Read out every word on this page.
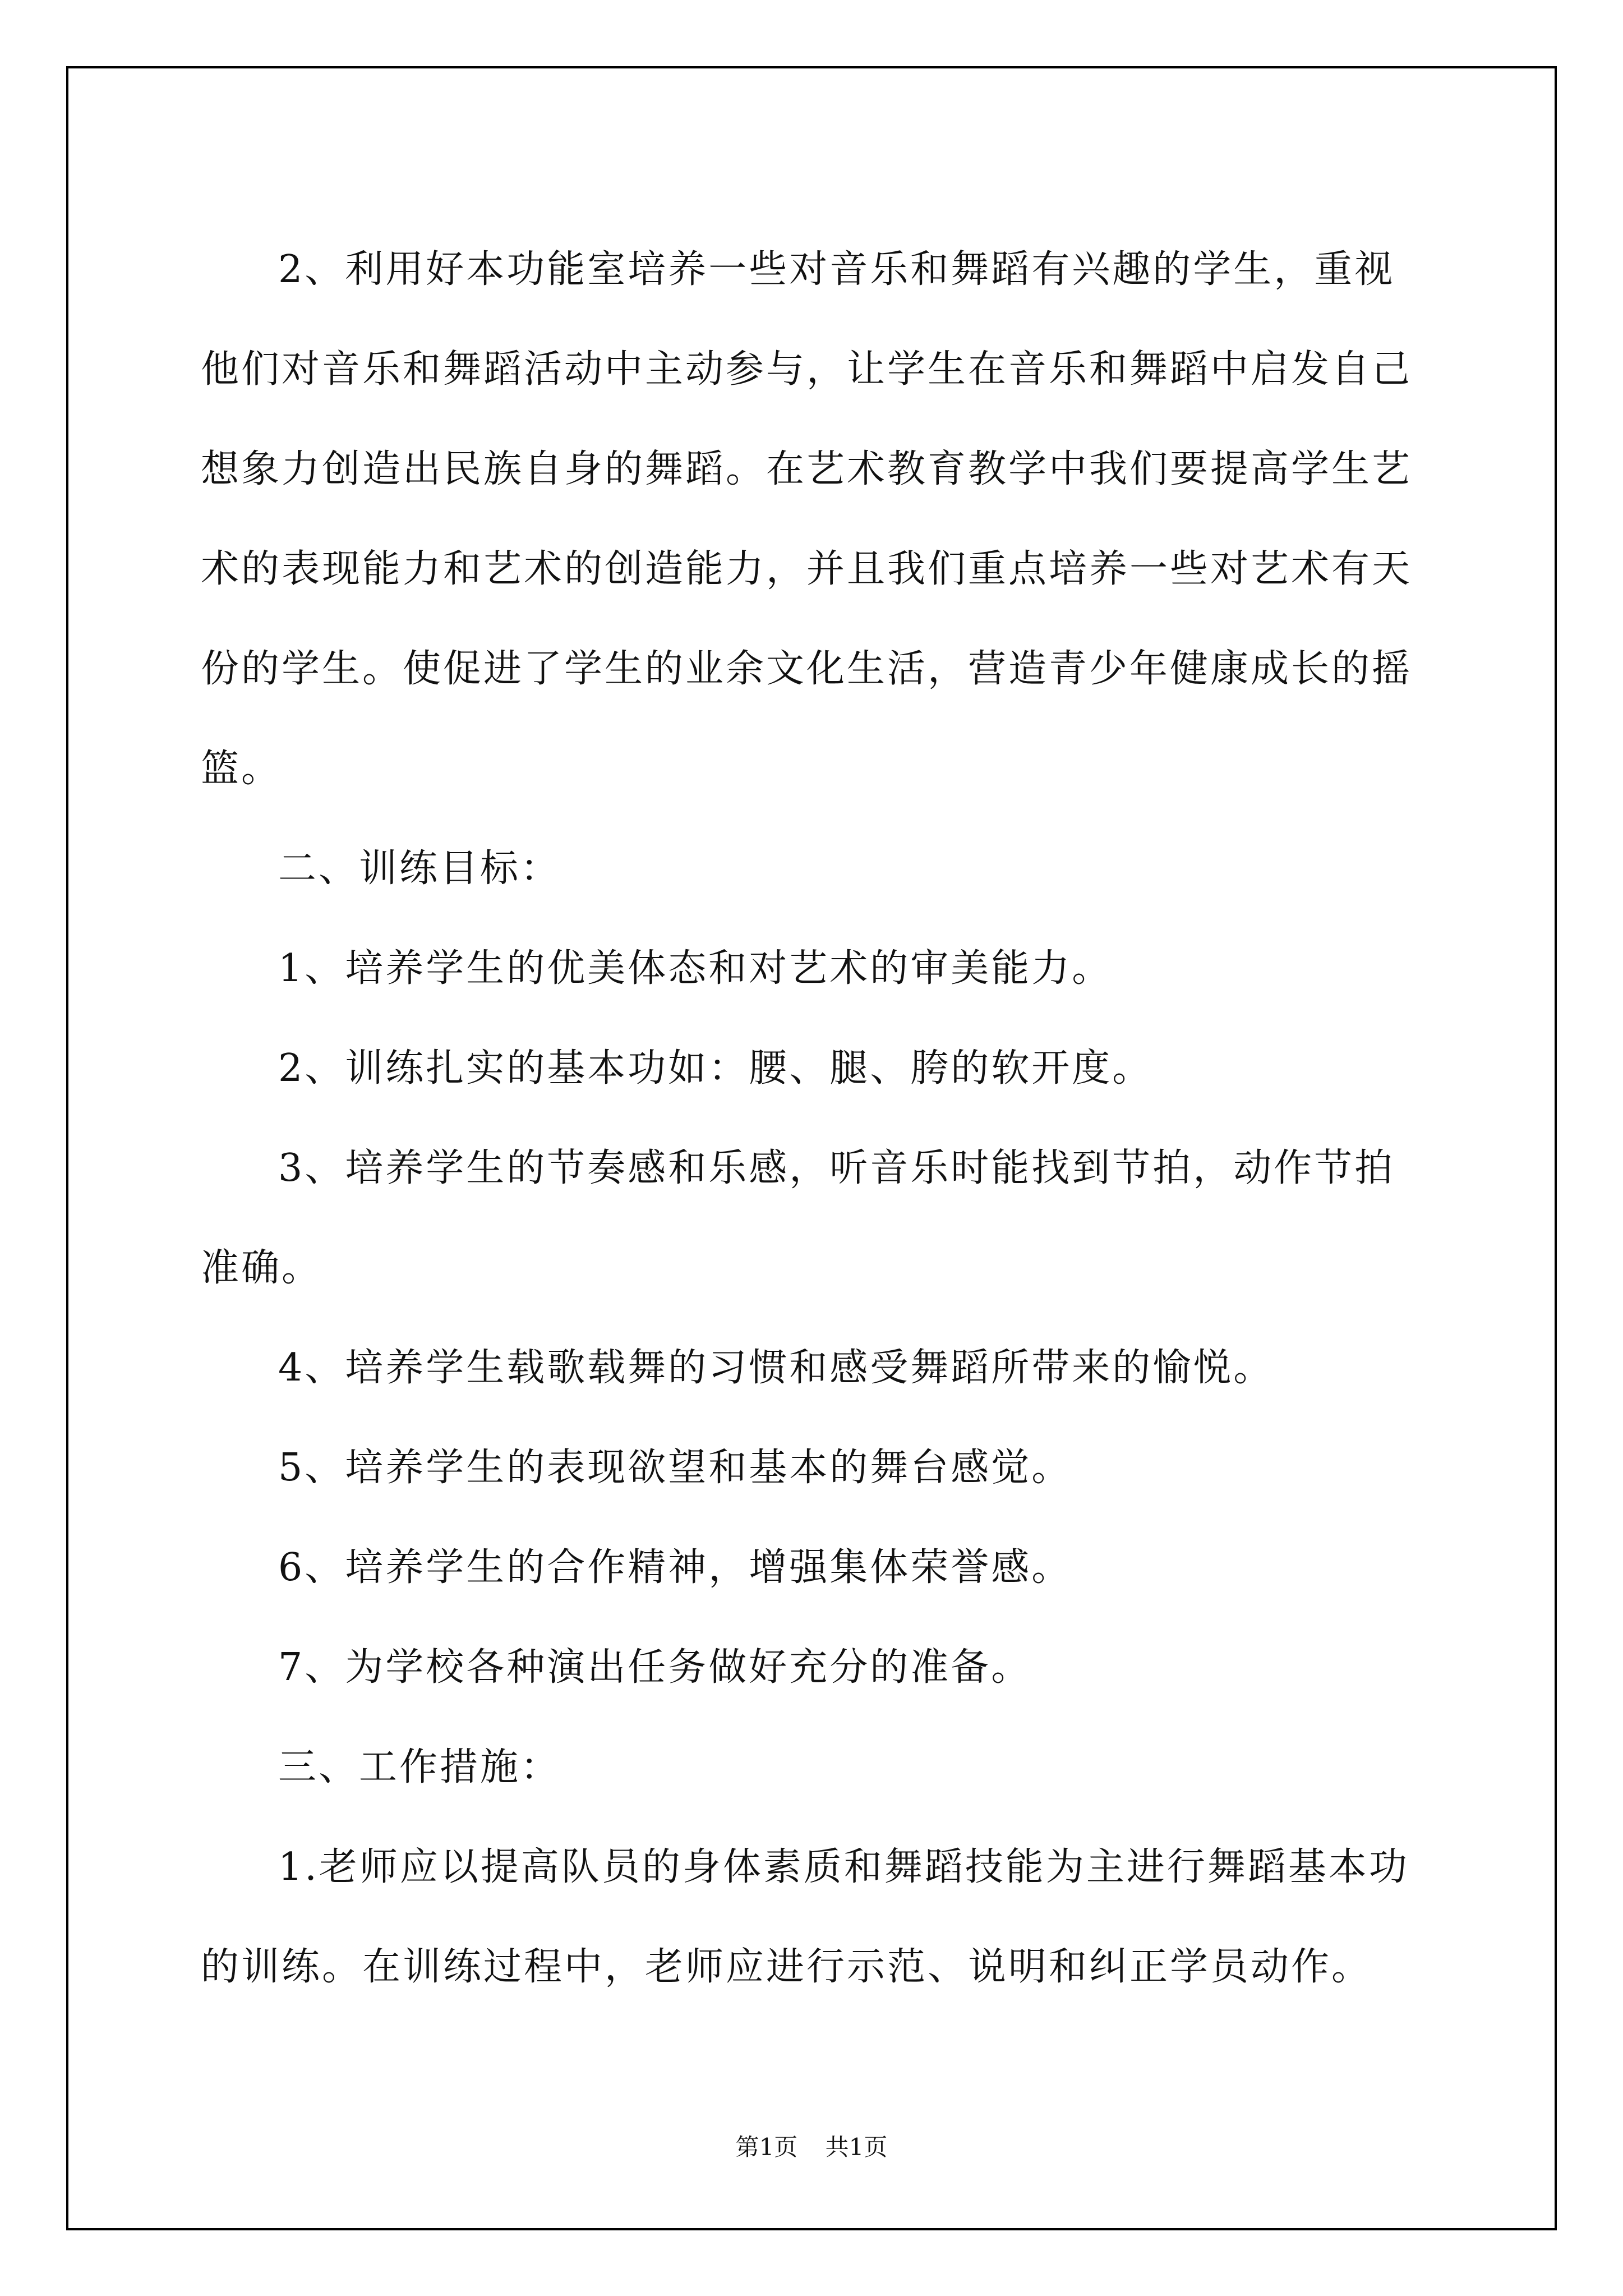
2、利用好本功能室培养一些对音乐和舞蹈有兴趣的学生，重视他们对音乐和舞蹈活动中主动参与，让学生在音乐和舞蹈中启发自己想象力创造出民族自身的舞蹈。在艺术教育教学中我们要提高学生艺术的表现能力和艺术的创造能力，并且我们重点培养一些对艺术有天份的学生。使促进了学生的业余文化生活，营造青少年健康成长的摇篮。

二、训练目标：

1、培养学生的优美体态和对艺术的审美能力。

2、训练扎实的基本功如：腰、腿、胯的软开度。

3、培养学生的节奏感和乐感，听音乐时能找到节拍，动作节拍准确。

4、培养学生载歌载舞的习惯和感受舞蹈所带来的愉悦。

5、培养学生的表现欲望和基本的舞台感觉。

6、培养学生的合作精神，增强集体荣誉感。

7、为学校各种演出任务做好充分的准备。

三、工作措施：

1.老师应以提高队员的身体素质和舞蹈技能为主进行舞蹈基本功的训练。在训练过程中，老师应进行示范、说明和纠正学员动作。

第1页 共1页
